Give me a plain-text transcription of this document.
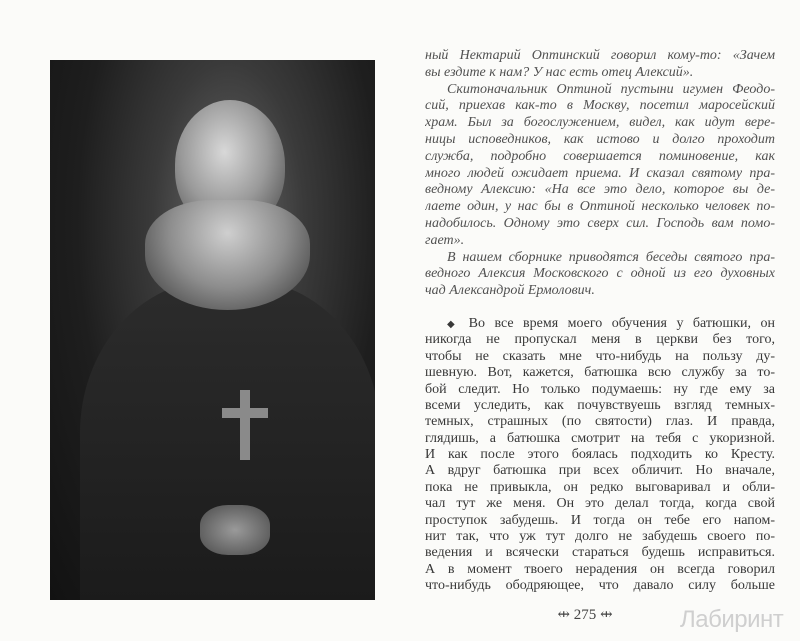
ный Нектарий Оптинский говорил кому-то: «Зачем
вы ездите к нам? У нас есть отец Алексий».
Скитоначальник Оптиной пустыни игумен Феодо-
сий, приехав как-то в Москву, посетил маросейский
храм. Был за богослужением, видел, как идут вере-
ницы исповедников, как истово и долго проходит
служба, подробно совершается поминовение, как
много людей ожидает приема. И сказал святому пра-
ведному Алексию: «На все это дело, которое вы де-
лаете один, у нас бы в Оптиной несколько человек по-
надобилось. Одному это сверх сил. Господь вам помо-
гает».
В нашем сборнике приводятся беседы святого пра-
ведного Алексия Московского с одной из его духовных
чад Александрой Ермолович.
◆ Во все время моего обучения у батюшки, он
никогда не пропускал меня в церкви без того,
чтобы не сказать мне что-нибудь на пользу ду-
шевную. Вот, кажется, батюшка всю службу за то-
бой следит. Но только подумаешь: ну где ему за
всеми уследить, как почувствуешь взгляд темных-
темных, страшных (по святости) глаз. И правда,
глядишь, а батюшка смотрит на тебя с укоризной.
И как после этого боялась подходить ко Кресту.
А вдруг батюшка при всех обличит. Но вначале,
пока не привыкла, он редко выговаривал и обли-
чал тут же меня. Он это делал тогда, когда свой
проступок забудешь. И тогда он тебе его напом-
нит так, что уж тут долго не забудешь своего по-
ведения и всячески стараться будешь исправиться.
А в момент твоего нерадения он всегда говорил
что-нибудь ободряющее, что давало силу больше
⇹ 275 ⇹	Лабиринт
